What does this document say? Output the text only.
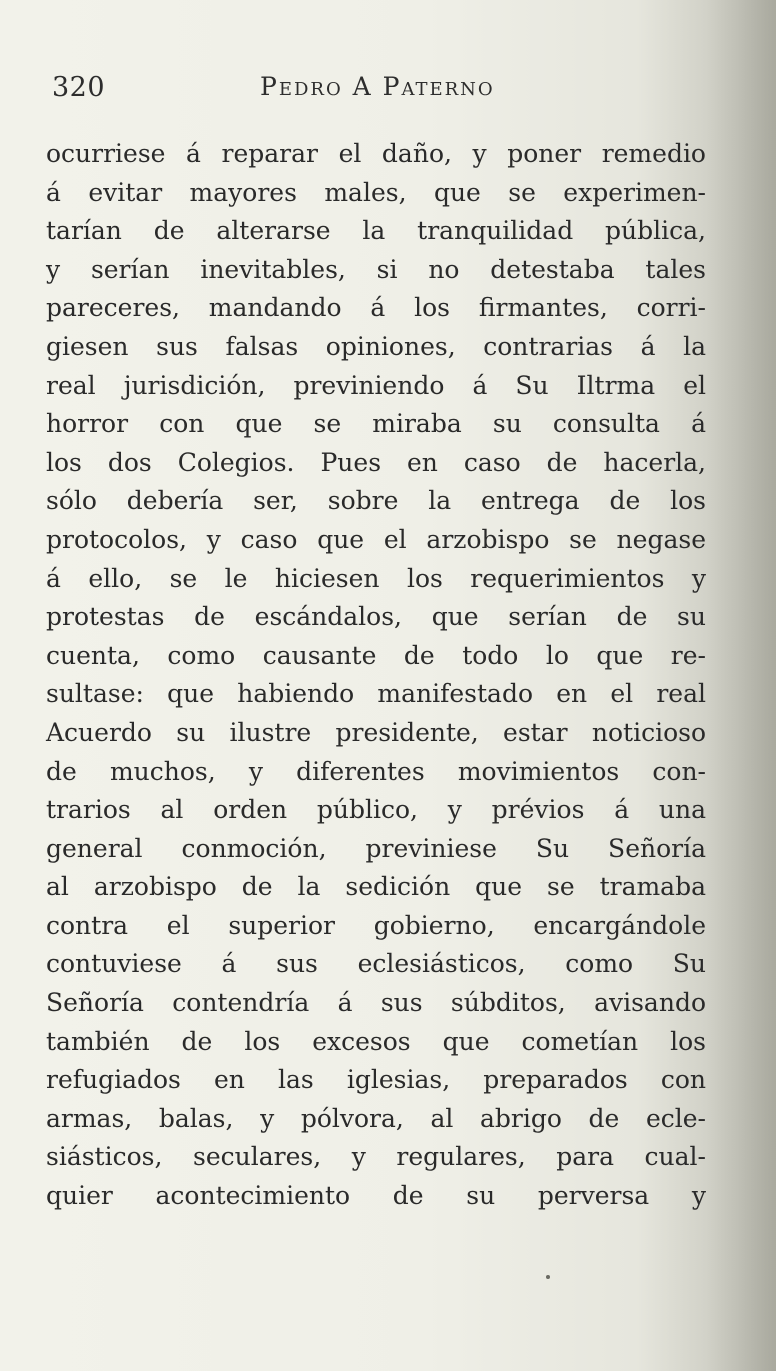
320	Pedro A Paterno
ocurriese á reparar el daño, y poner remedio
á evitar mayores males, que se experimen-
tarían de alterarse la tranquilidad pública,
y serían inevitables, si no detestaba tales
pareceres, mandando á los firmantes, corri-
giesen sus falsas opiniones, contrarias á la
real jurisdición, previniendo á Su Iltrma el
horror con que se miraba su consulta á
los dos Colegios. Pues en caso de hacerla,
sólo debería ser, sobre la entrega de los
protocolos, y caso que el arzobispo se negase
á ello, se le hiciesen los requerimientos y
protestas de escándalos, que serían de su
cuenta, como causante de todo lo que re-
sultase: que habiendo manifestado en el real
Acuerdo su ilustre presidente, estar noticioso
de muchos, y diferentes movimientos con-
trarios al orden público, y prévios á una
general conmoción, previniese Su Señoría
al arzobispo de la sedición que se tramaba
contra el superior gobierno, encargándole
contuviese á sus eclesiásticos, como Su
Señoría contendría á sus súbditos, avisando
también de los excesos que cometían los
refugiados en las iglesias, preparados con
armas, balas, y pólvora, al abrigo de ecle-
siásticos, seculares, y regulares, para cual-
quier acontecimiento de su perversa y
